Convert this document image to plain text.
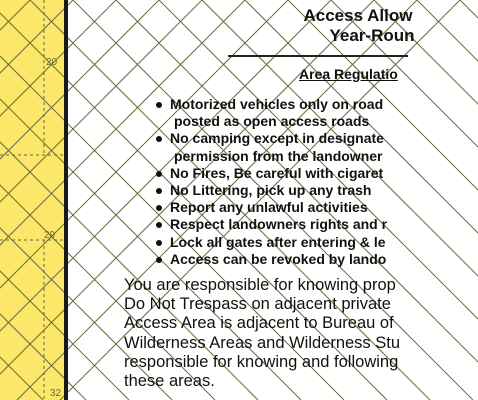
20
29
32
Access Allow

Year-Roun
Area Regulatio
Motorized vehicles only on road
posted as open access roads
No camping except in designate
permission from the landowner
No Fires, Be careful with cigaret
No Littering, pick up any trash
Report any unlawful activities
Respect landowners rights and r
Lock all gates after entering & le
Access can be revoked by lando
You are responsible for knowing prop
Do Not Trespass on adjacent private
Access Area is adjacent to Bureau of
Wilderness Areas and Wilderness Stu
responsible for knowing and following
these areas.
